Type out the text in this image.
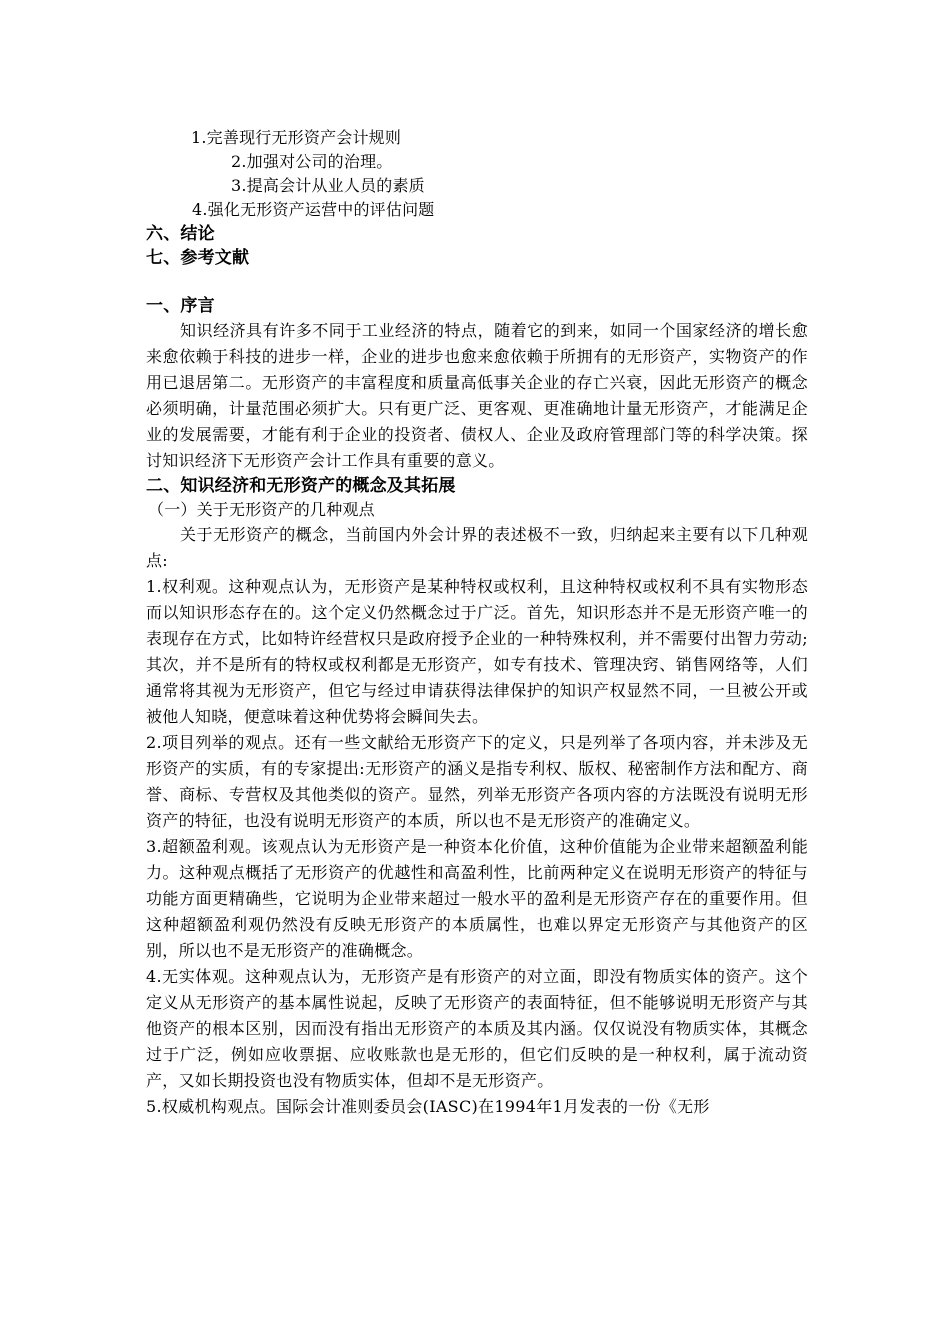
1.完善现行无形资产会计规则
2.加强对公司的治理。
3.提高会计从业人员的素质
4.强化无形资产运营中的评估问题
六、结论
七、参考文献
一、序言

知识经济具有许多不同于工业经济的特点，随着它的到来，如同一个国家经济的增长愈来愈依赖于科技的进步一样，企业的进步也愈来愈依赖于所拥有的无形资产，实物资产的作用已退居第二。无形资产的丰富程度和质量高低事关企业的存亡兴衰，因此无形资产的概念必须明确，计量范围必须扩大。只有更广泛、更客观、更准确地计量无形资产，才能满足企业的发展需要，才能有利于企业的投资者、债权人、企业及政府管理部门等的科学决策。探讨知识经济下无形资产会计工作具有重要的意义。

二、知识经济和无形资产的概念及其拓展
（一）关于无形资产的几种观点

关于无形资产的概念，当前国内外会计界的表述极不一致，归纳起来主要有以下几种观点:

1.权利观。这种观点认为，无形资产是某种特权或权利，且这种特权或权利不具有实物形态而以知识形态存在的。这个定义仍然概念过于广泛。首先，知识形态并不是无形资产唯一的表现存在方式，比如特许经营权只是政府授予企业的一种特殊权利，并不需要付出智力劳动;其次，并不是所有的特权或权利都是无形资产，如专有技术、管理决窍、销售网络等，人们通常将其视为无形资产，但它与经过申请获得法律保护的知识产权显然不同，一旦被公开或被他人知晓，便意味着这种优势将会瞬间失去。

2.项目列举的观点。还有一些文献给无形资产下的定义，只是列举了各项内容，并未涉及无形资产的实质，有的专家提出:无形资产的涵义是指专利权、版权、秘密制作方法和配方、商誉、商标、专营权及其他类似的资产。显然，列举无形资产各项内容的方法既没有说明无形资产的特征，也没有说明无形资产的本质，所以也不是无形资产的准确定义。

3.超额盈利观。该观点认为无形资产是一种资本化价值，这种价值能为企业带来超额盈利能力。这种观点概括了无形资产的优越性和高盈利性，比前两种定义在说明无形资产的特征与功能方面更精确些，它说明为企业带来超过一般水平的盈利是无形资产存在的重要作用。但这种超额盈利观仍然没有反映无形资产的本质属性，也难以界定无形资产与其他资产的区别，所以也不是无形资产的准确概念。

4.无实体观。这种观点认为，无形资产是有形资产的对立面，即没有物质实体的资产。这个定义从无形资产的基本属性说起，反映了无形资产的表面特征，但不能够说明无形资产与其他资产的根本区别，因而没有指出无形资产的本质及其内涵。仅仅说没有物质实体，其概念过于广泛，例如应收票据、应收账款也是无形的，但它们反映的是一种权利，属于流动资产，又如长期投资也没有物质实体，但却不是无形资产。

5.权威机构观点。国际会计准则委员会(IASC)在1994年1月发表的一份《无形
